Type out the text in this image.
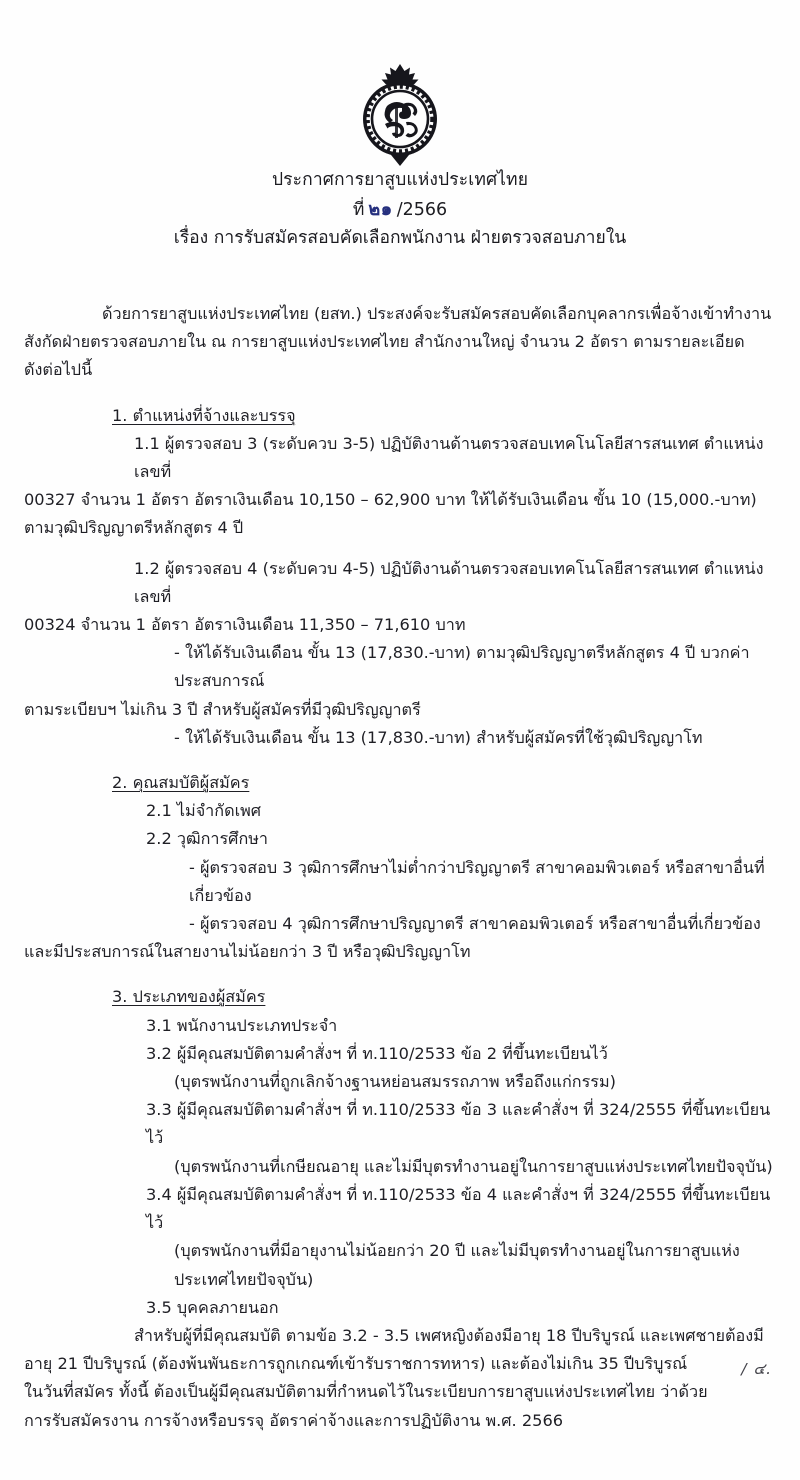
ประกาศการยาสูบแห่งประเทศไทย
ที่ ๒๑ /2566
เรื่อง การรับสมัครสอบคัดเลือกพนักงาน ฝ่ายตรวจสอบภายใน
ด้วยการยาสูบแห่งประเทศไทย (ยสท.) ประสงค์จะรับสมัครสอบคัดเลือกบุคลากรเพื่อจ้างเข้าทำงาน
สังกัดฝ่ายตรวจสอบภายใน ณ การยาสูบแห่งประเทศไทย สำนักงานใหญ่ จำนวน 2 อัตรา ตามรายละเอียด
ดังต่อไปนี้
1. ตำแหน่งที่จ้างและบรรจุ
1.1 ผู้ตรวจสอบ 3 (ระดับควบ 3-5) ปฏิบัติงานด้านตรวจสอบเทคโนโลยีสารสนเทศ ตำแหน่งเลขที่
00327 จำนวน 1 อัตรา อัตราเงินเดือน 10,150 – 62,900 บาท ให้ได้รับเงินเดือน ขั้น 10 (15,000.-บาท)
ตามวุฒิปริญญาตรีหลักสูตร 4 ปี
1.2 ผู้ตรวจสอบ 4 (ระดับควบ 4-5) ปฏิบัติงานด้านตรวจสอบเทคโนโลยีสารสนเทศ ตำแหน่งเลขที่
00324 จำนวน 1 อัตรา อัตราเงินเดือน 11,350 – 71,610 บาท
- ให้ได้รับเงินเดือน ขั้น 13 (17,830.-บาท) ตามวุฒิปริญญาตรีหลักสูตร 4 ปี บวกค่าประสบการณ์
ตามระเบียบฯ ไม่เกิน 3 ปี สำหรับผู้สมัครที่มีวุฒิปริญญาตรี
- ให้ได้รับเงินเดือน ขั้น 13 (17,830.-บาท) สำหรับผู้สมัครที่ใช้วุฒิปริญญาโท
2. คุณสมบัติผู้สมัคร
2.1 ไม่จำกัดเพศ
2.2 วุฒิการศึกษา
- ผู้ตรวจสอบ 3 วุฒิการศึกษาไม่ต่ำกว่าปริญญาตรี สาขาคอมพิวเตอร์ หรือสาขาอื่นที่เกี่ยวข้อง
- ผู้ตรวจสอบ 4 วุฒิการศึกษาปริญญาตรี สาขาคอมพิวเตอร์ หรือสาขาอื่นที่เกี่ยวข้อง
และมีประสบการณ์ในสายงานไม่น้อยกว่า 3 ปี หรือวุฒิปริญญาโท
3. ประเภทของผู้สมัคร
3.1 พนักงานประเภทประจำ
3.2 ผู้มีคุณสมบัติตามคำสั่งฯ ที่ ท.110/2533 ข้อ 2 ที่ขึ้นทะเบียนไว้
(บุตรพนักงานที่ถูกเลิกจ้างฐานหย่อนสมรรถภาพ หรือถึงแก่กรรม)
3.3 ผู้มีคุณสมบัติตามคำสั่งฯ ที่ ท.110/2533 ข้อ 3 และคำสั่งฯ ที่ 324/2555 ที่ขึ้นทะเบียนไว้
(บุตรพนักงานที่เกษียณอายุ และไม่มีบุตรทำงานอยู่ในการยาสูบแห่งประเทศไทยปัจจุบัน)
3.4 ผู้มีคุณสมบัติตามคำสั่งฯ ที่ ท.110/2533 ข้อ 4 และคำสั่งฯ ที่ 324/2555 ที่ขึ้นทะเบียนไว้
(บุตรพนักงานที่มีอายุงานไม่น้อยกว่า 20 ปี และไม่มีบุตรทำงานอยู่ในการยาสูบแห่ง
ประเทศไทยปัจจุบัน)
3.5 บุคคลภายนอก
สำหรับผู้ที่มีคุณสมบัติ ตามข้อ 3.2 - 3.5 เพศหญิงต้องมีอายุ 18 ปีบริบูรณ์ และเพศชายต้องมี
อายุ 21 ปีบริบูรณ์ (ต้องพ้นพันธะการถูกเกณฑ์เข้ารับราชการทหาร) และต้องไม่เกิน 35 ปีบริบูรณ์
ในวันที่สมัคร ทั้งนี้ ต้องเป็นผู้มีคุณสมบัติตามที่กำหนดไว้ในระเบียบการยาสูบแห่งประเทศไทย ว่าด้วย
การรับสมัครงาน การจ้างหรือบรรจุ อัตราค่าจ้างและการปฏิบัติงาน พ.ศ. 2566
/ ๔.
